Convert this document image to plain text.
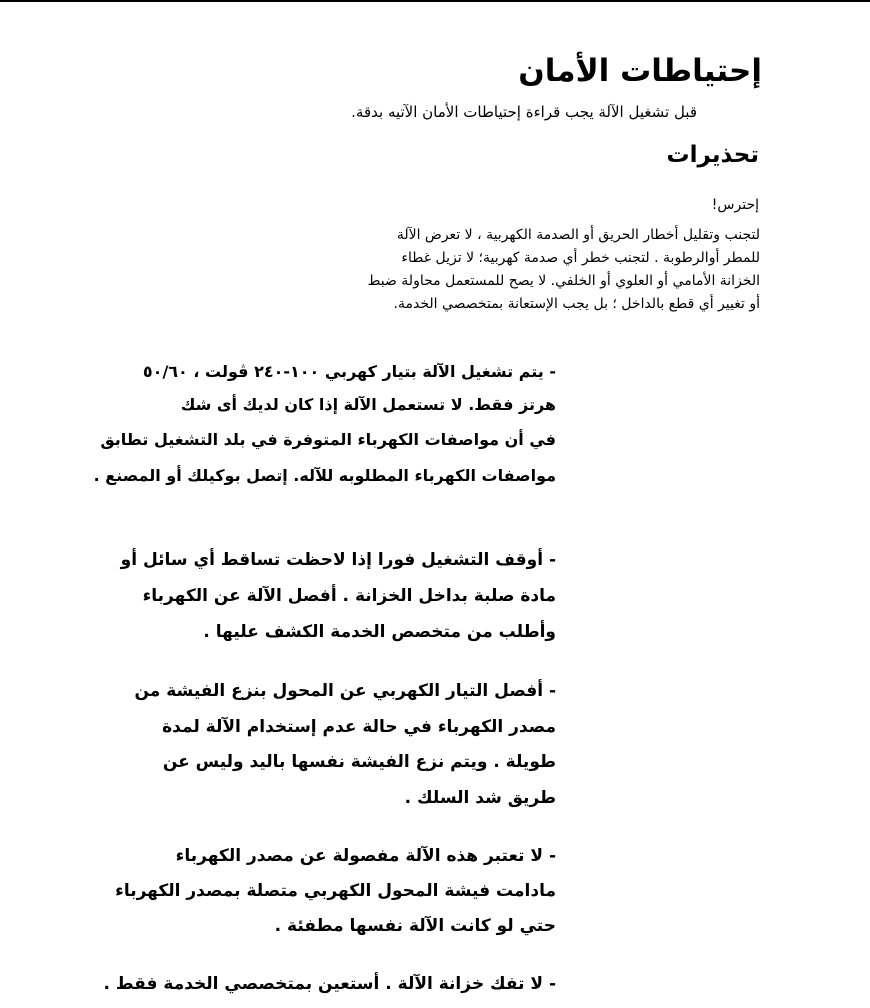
إحتياطات الأمان

قبل تشغيل الآلة يجب قراءة إحتياطات الأمان الآتيه بدقة.

تحذيرات

إحترس!

لتجنب وتقليل أخطار الحريق أو الصدمة الكهربية ، لا تعرض الآلة

للمطر أوالرطوبة . لتجنب خطر أي صدمة كهربية؛ لا تزيل غطاء

الخزانة الأمامي أو العلوي أو الخلفي. لا يصح للمستعمل محاولة ضبط

أو تغيير أي قطع بالداخل ؛ بل يجب الإستعانة بمتخصصي الخدمة.

- يتم تشغيل الآلة بتيار كهربي ١٠٠-٢٤٠ ڤولت ، ٥٠/٦٠

هرتز فقط. لا تستعمل الآلة إذا كان لديك أى شك

في أن مواصفات الكهرباء المتوفرة في بلد التشغيل تطابق

مواصفات الكهرباء المطلوبه للآله. إتصل بوكيلك أو المصنع .

- أوقف التشغيل فورا إذا لاحظت تساقط أي سائل أو

مادة صلبة بداخل الخزانة . أفصل الآلة عن الكهرباء

وأطلب من متخصص الخدمة الكشف عليها .

- أفصل التيار الكهربي عن المحول بنزع الفيشة من

مصدر الكهرباء في حالة عدم إستخدام الآلة لمدة

طويلة . ويتم نزع الفيشة نفسها باليد وليس عن

طريق شد السلك .

- لا تعتبر هذه الآلة مفصولة عن مصدر الكهرباء

مادامت فيشة المحول الكهربي متصلة بمصدر الكهرباء

حتي لو كانت الآلة نفسها مطفئة .

- لا تفك خزانة الآلة . أستعين بمتخصصي الخدمة فقط .
